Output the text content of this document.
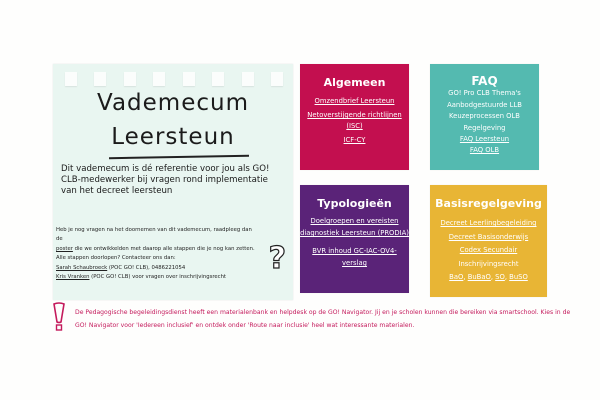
Vademecum
Leersteun
Dit vademecum is dé referentie voor jou als GO! CLB-medewerker bij vragen rond implementatie van het decreet leersteun
Heb je nog vragen na het doornemen van dit vademecum, raadpleeg dan de
poster die we ontwikkelden met daarop alle stappen die je nog kan zetten.
Alle stappen doorlopen? Contacteer ons dan:
Sarah Schaubroeck (POC GO! CLB), 0486221054
Kris Vranken (POC GO! CLB) voor vragen over inschrijvingsrecht
?
Algemeen
Omzendbrief Leersteun
Netoverstijgende richtlijnen (ISC)
ICF-CY
FAQ
GO! Pro CLB Thema's
Aanbodgestuurde LLB
Keuzeprocessen OLB
Regelgeving
FAQ Leersteun
FAQ OLB
Typologieën
Doelgroepen en vereisten diagnostiek Leersteun (PRODIA)
BVR inhoud GC-IAC-OV4-verslag
Basisregelgeving
Decreet Leerlingbegeleiding
Decreet Basisonderwijs
Codex Secundair
Inschrijvingsrecht
BaO, BuBaO, SO, BuSO
De Pedagogische begeleidingsdienst heeft een materialenbank en helpdesk op de GO! Navigator. Jij en je scholen kunnen die bereiken via smartschool. Kies in de GO! Navigator voor 'Iedereen inclusief' en ontdek onder 'Route naar inclusie' heel wat interessante materialen.
